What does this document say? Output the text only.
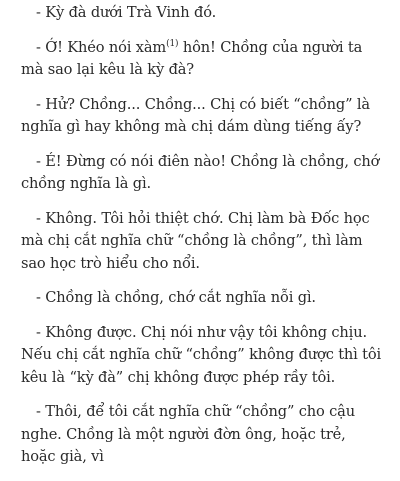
- Kỳ đà dưới Trà Vinh đó.

- Ớ! Khéo nói xàm$^{(1)}$ hôn! Chồng của người ta mà sao lại kêu là kỳ đà?

- Hử? Chồng... Chồng... Chị có biết “chồng” là nghĩa gì hay không mà chị dám dùng tiếng ấy?

- É! Đừng có nói điên nào! Chồng là chồng, chớ chồng nghĩa là gì.

- Không. Tôi hỏi thiệt chớ. Chị làm bà Đốc học mà chị cắt nghĩa chữ “chồng là chồng”, thì làm sao học trò hiểu cho nổi.

- Chồng là chồng, chớ cắt nghĩa nỗi gì.

- Không được. Chị nói như vậy tôi không chịu. Nếu chị cắt nghĩa chữ “chồng” không được thì tôi kêu là “kỳ đà” chị không được phép rầy tôi.

- Thôi, để tôi cắt nghĩa chữ “chồng” cho cậu nghe. Chồng là một người đờn ông, hoặc trẻ, hoặc già, vì
